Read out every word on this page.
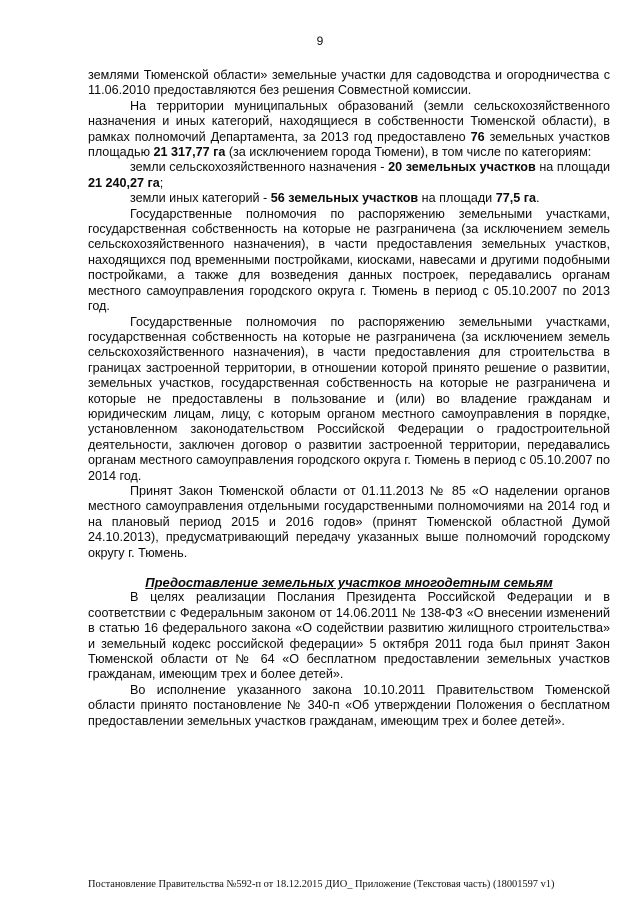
9

землями Тюменской области» земельные участки для садоводства и огородничества с 11.06.2010 предоставляются без решения Совместной комиссии.

На территории муниципальных образований (земли сельскохозяйственного назначения и иных категорий, находящиеся в собственности Тюменской области), в рамках полномочий Департамента, за 2013 год предоставлено 76 земельных участков площадью 21 317,77 га (за исключением города Тюмени), в том числе по категориям:

земли сельскохозяйственного назначения - 20 земельных участков на площади 21 240,27 га;

земли иных категорий - 56 земельных участков на площади 77,5 га.

Государственные полномочия по распоряжению земельными участками, государственная собственность на которые не разграничена (за исключением земель сельскохозяйственного назначения), в части предоставления земельных участков, находящихся под временными постройками, киосками, навесами и другими подобными постройками, а также для возведения данных построек, передавались органам местного самоуправления городского округа г. Тюмень в период с 05.10.2007 по 2013 год.

Государственные полномочия по распоряжению земельными участками, государственная собственность на которые не разграничена (за исключением земель сельскохозяйственного назначения), в части предоставления для строительства в границах застроенной территории, в отношении которой принято решение о развитии, земельных участков, государственная собственность на которые не разграничена и которые не предоставлены в пользование и (или) во владение гражданам и юридическим лицам, лицу, с которым органом местного самоуправления в порядке, установленном законодательством Российской Федерации о градостроительной деятельности, заключен договор о развитии застроенной территории, передавались органам местного самоуправления городского округа г. Тюмень в период с 05.10.2007 по 2014 год.

Принят Закон Тюменской области от 01.11.2013 № 85 «О наделении органов местного самоуправления отдельными государственными полномочиями на 2014 год и на плановый период 2015 и 2016 годов» (принят Тюменской областной Думой 24.10.2013), предусматривающий передачу указанных выше полномочий городскому округу г. Тюмень.

Предоставление земельных участков многодетным семьям

В целях реализации Послания Президента Российской Федерации и в соответствии с Федеральным законом от 14.06.2011 № 138-ФЗ «О внесении изменений в статью 16 федерального закона «О содействии развитию жилищного строительства» и земельный кодекс российской федерации» 5 октября 2011 года был принят Закон Тюменской области от № 64 «О бесплатном предоставлении земельных участков гражданам, имеющим трех и более детей».

Во исполнение указанного закона 10.10.2011 Правительством Тюменской области принято постановление № 340-п «Об утверждении Положения о бесплатном предоставлении земельных участков гражданам, имеющим трех и более детей».

Постановление Правительства №592-п от 18.12.2015 ДИО_ Приложение (Текстовая часть) (18001597 v1)
